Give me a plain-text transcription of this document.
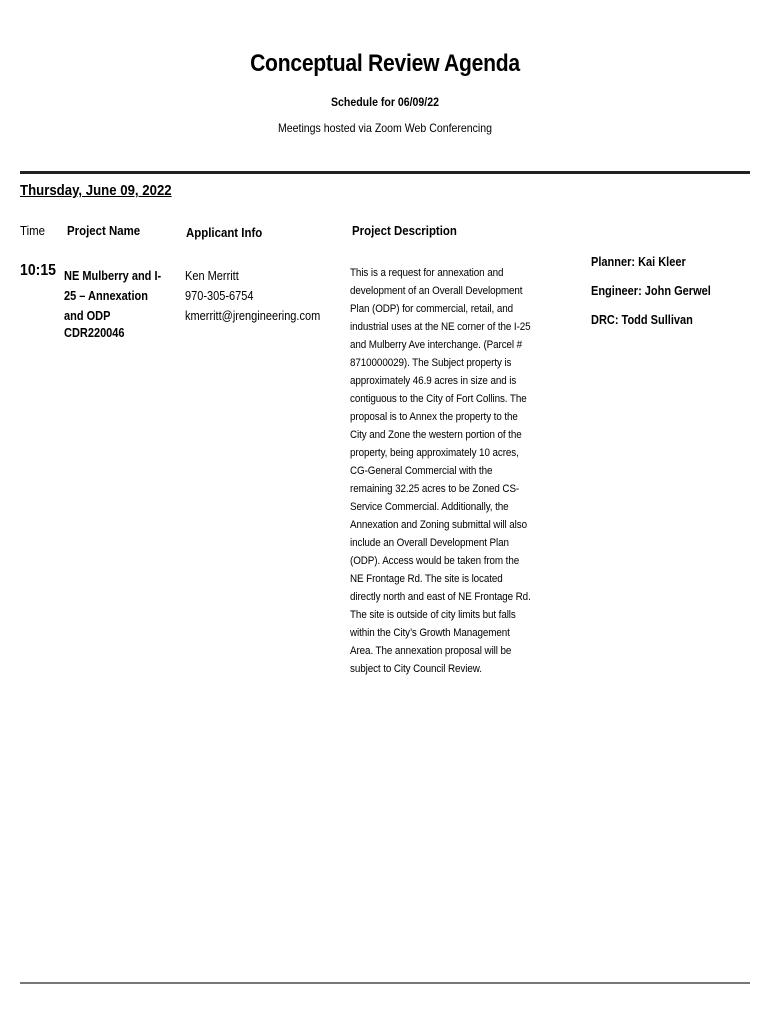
Conceptual Review Agenda
Schedule for 06/09/22
Meetings hosted via Zoom Web Conferencing
Thursday, June 09, 2022
Time Project Name	Applicant Info	Project Description
10:15 NE Mulberry and I-25 – Annexation and ODP
CDR220046
Ken Merritt
970-305-6754
kmerritt@jrengineering.com
This is a request for annexation and development of an Overall Development Plan (ODP) for commercial, retail, and industrial uses at the NE corner of the I-25 and Mulberry Ave interchange. (Parcel # 8710000029). The Subject property is approximately 46.9 acres in size and is contiguous to the City of Fort Collins. The proposal is to Annex the property to the City and Zone the western portion of the property, being approximately 10 acres, CG-General Commercial with the remaining 32.25 acres to be Zoned CS-Service Commercial. Additionally, the Annexation and Zoning submittal will also include an Overall Development Plan (ODP). Access would be taken from the NE Frontage Rd. The site is located directly north and east of NE Frontage Rd. The site is outside of city limits but falls within the City’s Growth Management Area. The annexation proposal will be subject to City Council Review.
Planner: Kai Kleer
Engineer: John Gerwel
DRC: Todd Sullivan
